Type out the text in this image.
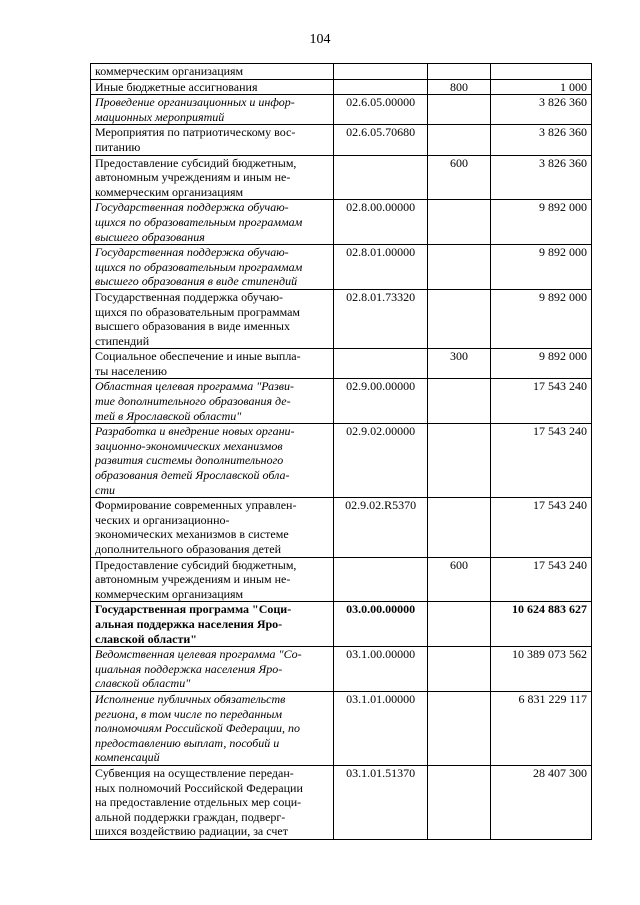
104
коммерческим организациям			

Иные бюджетные ассигнования		800	1 000

Проведение организационных и инфор-
мационных мероприятий	02.6.05.00000		3 826 360

Мероприятия по патриотическому вос-
питанию	02.6.05.70680		3 826 360

Предоставление субсидий бюджетным,
автономным учреждениям и иным не-
коммерческим организациям		600	3 826 360

Государственная поддержка обучаю-
щихся по образовательным программам
высшего образования	02.8.00.00000		9 892 000

Государственная поддержка обучаю-
щихся по образовательным программам
высшего образования в виде стипендий	02.8.01.00000		9 892 000

Государственная поддержка обучаю-
щихся по образовательным программам
высшего образования в виде именных
стипендий	02.8.01.73320		9 892 000

Социальное обеспечение и иные выпла-
ты населению		300	9 892 000

Областная целевая программа "Разви-
тие дополнительного образования де-
тей в Ярославской области"	02.9.00.00000		17 543 240

Разработка и внедрение новых органи-
зационно-экономических механизмов
развития системы дополнительного
образования детей Ярославской обла-
сти	02.9.02.00000		17 543 240

Формирование современных управлен-
ческих и организационно-
экономических механизмов в системе
дополнительного образования детей	02.9.02.R5370		17 543 240

Предоставление субсидий бюджетным,
автономным учреждениям и иным не-
коммерческим организациям		600	17 543 240

Государственная программа "Соци-
альная поддержка населения Яро-
славской области"	03.0.00.00000		10 624 883 627

Ведомственная целевая программа "Со-
циальная поддержка населения Яро-
славской области"	03.1.00.00000		10 389 073 562

Исполнение публичных обязательств
региона, в том числе по переданным
полномочиям Российской Федерации, по
предоставлению выплат, пособий и
компенсаций	03.1.01.00000		6 831 229 117

Субвенция на осуществление передан-
ных полномочий Российской Федерации
на предоставление отдельных мер соци-
альной поддержки граждан, подверг-
шихся воздействию радиации, за счет	03.1.01.51370		28 407 300
